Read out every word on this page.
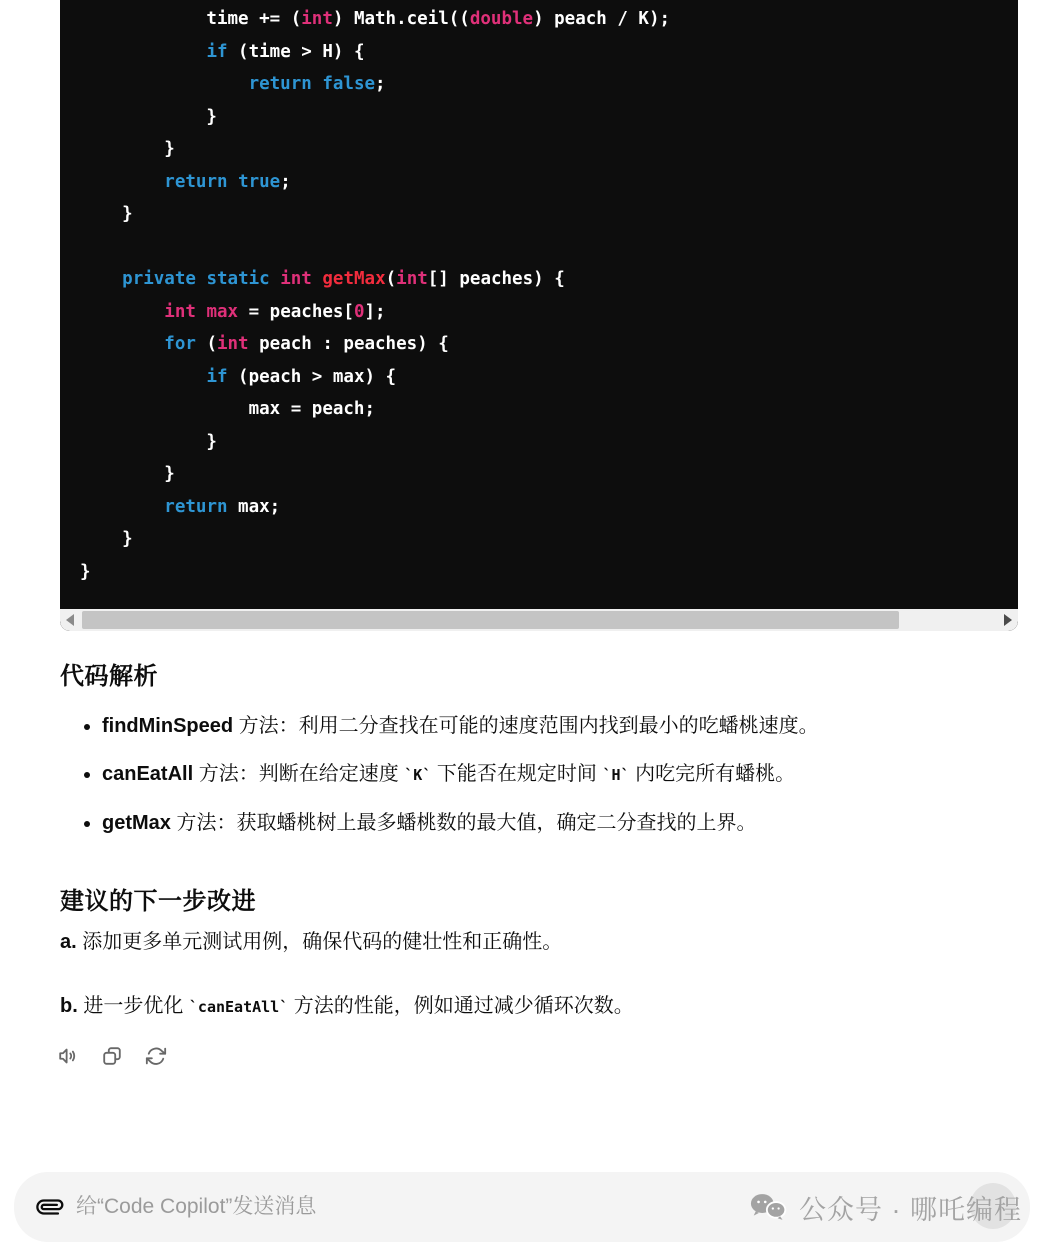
time += (int) Math.ceil((double) peach / K);
if (time > H) {
return false;
}
}
return true;
}

private static int getMax(int[] peaches) {
int max = peaches[0];
for (int peach : peaches) {
if (peach > max) {
max = peach;
}
}
return max;
}
}
代码解析
• findMinSpeed 方法：利用二分查找在可能的速度范围内找到最小的吃蟠桃速度。
• canEatAll 方法：判断在给定速度 `K` 下能否在规定时间 `H` 内吃完所有蟠桃。
• getMax 方法：获取蟠桃树上最多蟠桃数的最大值，确定二分查找的上界。
建议的下一步改进

a. 添加更多单元测试用例，确保代码的健壮性和正确性。

b. 进一步优化 `canEatAll` 方法的性能，例如通过减少循环次数。

给“Code Copilot”发送消息
公众号 · 哪吒编程
